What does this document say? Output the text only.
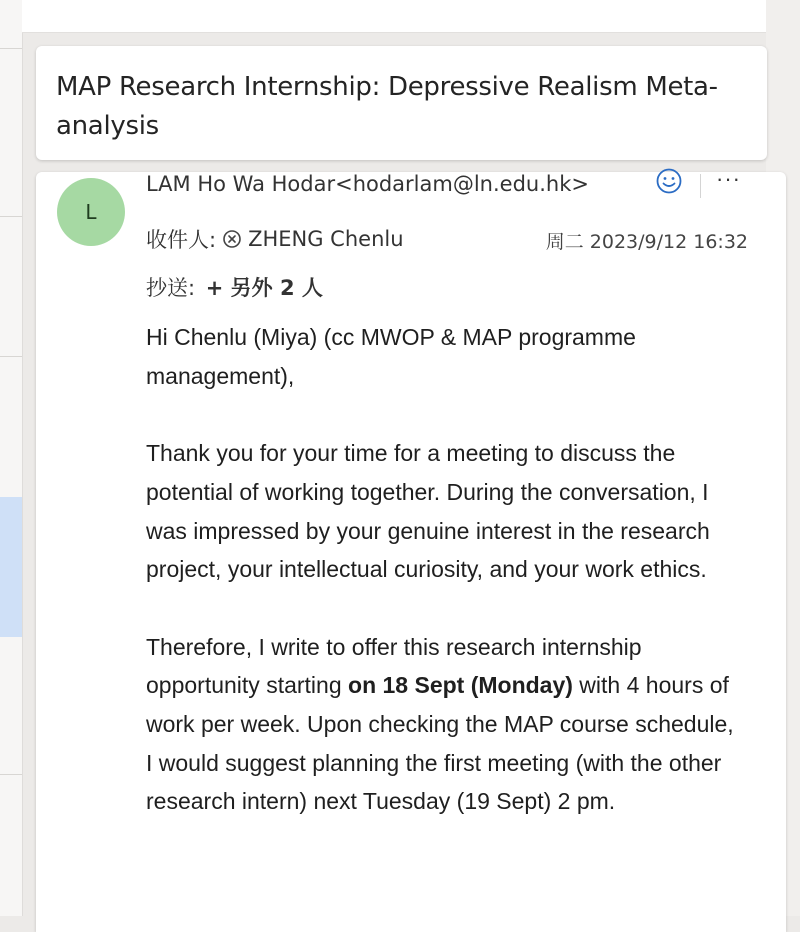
MAP Research Internship: Depressive Realism Meta-analysis
L
LAM Ho Wa Hodar<hodarlam@ln.edu.hk>	···
收件人: ZHENG Chenlu	周二 2023/9/12 16:32
抄送: + 另外 2 人

Hi Chenlu (Miya) (cc MWOP & MAP programme management),

Thank you for your time for a meeting to discuss the potential of working together. During the conversation, I was impressed by your genuine interest in the research project, your intellectual curiosity, and your work ethics.

Therefore, I write to offer this research internship opportunity starting on 18 Sept (Monday) with 4 hours of work per week. Upon checking the MAP course schedule, I would suggest planning the first meeting (with the other research intern) next Tuesday (19 Sept) 2 pm.
